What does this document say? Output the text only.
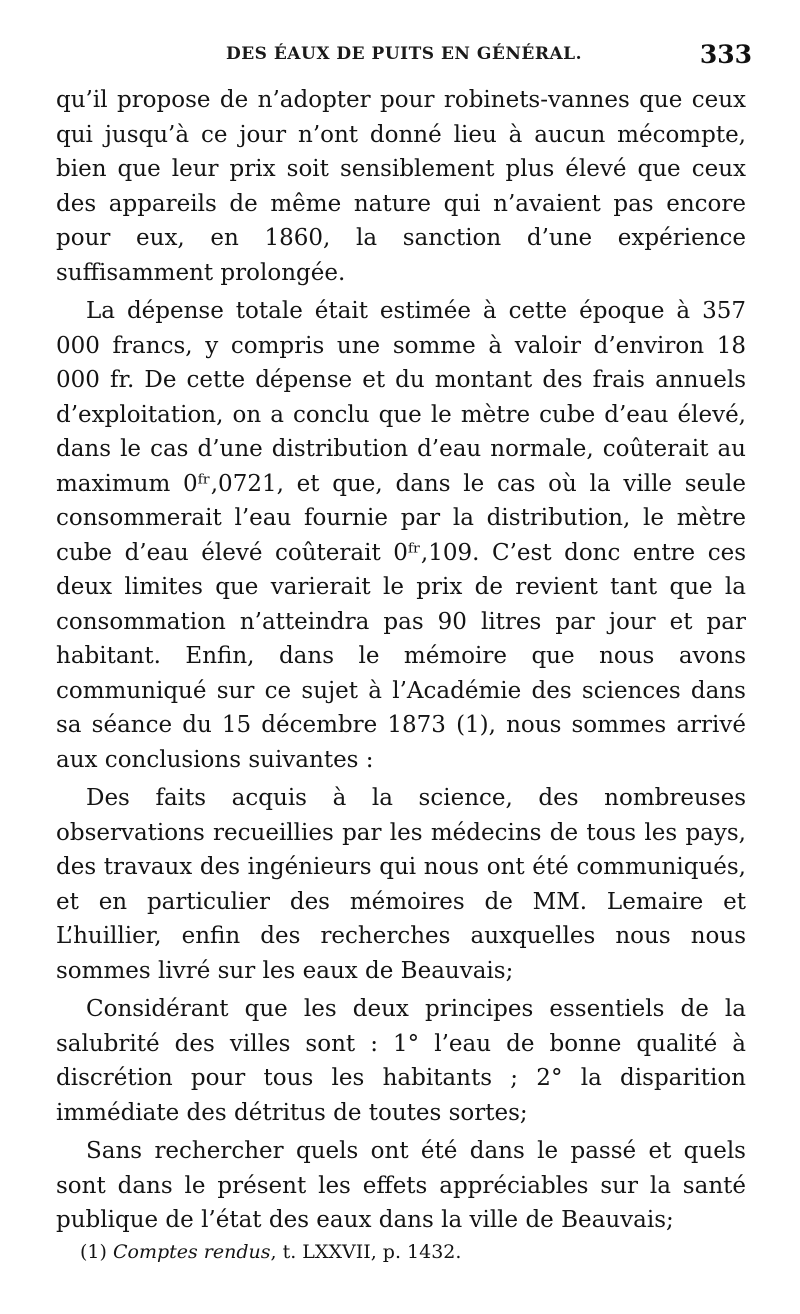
DES ÉAUX DE PUITS EN GÉNÉRAL.	333

qu’il propose de n’adopter pour robinets-vannes que ceux qui jusqu’à ce jour n’ont donné lieu à aucun mécompte, bien que leur prix soit sensiblement plus élevé que ceux des appareils de même nature qui n’avaient pas encore pour eux, en 1860, la sanction d’une expérience suffisamment prolongée.

La dépense totale était estimée à cette époque à 357 000 francs, y compris une somme à valoir d’environ 18 000 fr. De cette dépense et du montant des frais annuels d’exploitation, on a conclu que le mètre cube d’eau élevé, dans le cas d’une distribution d’eau normale, coûterait au maximum 0ᶠʳ,0721, et que, dans le cas où la ville seule consommerait l’eau fournie par la distribution, le mètre cube d’eau élevé coûterait 0ᶠʳ,109. C’est donc entre ces deux limites que varierait le prix de revient tant que la consommation n’atteindra pas 90 litres par jour et par habitant. Enfin, dans le mémoire que nous avons communiqué sur ce sujet à l’Académie des sciences dans sa séance du 15 décembre 1873 (1), nous sommes arrivé aux conclusions suivantes :

Des faits acquis à la science, des nombreuses observations recueillies par les médecins de tous les pays, des travaux des ingénieurs qui nous ont été communiqués, et en particulier des mémoires de MM. Lemaire et L’huillier, enfin des recherches auxquelles nous nous sommes livré sur les eaux de Beauvais;

Considérant que les deux principes essentiels de la salubrité des villes sont : 1° l’eau de bonne qualité à discrétion pour tous les habitants ; 2° la disparition immédiate des détritus de toutes sortes;

Sans rechercher quels ont été dans le passé et quels sont dans le présent les effets appréciables sur la santé publique de l’état des eaux dans la ville de Beauvais;

(1) Comptes rendus, t. LXXVII, p. 1432.
